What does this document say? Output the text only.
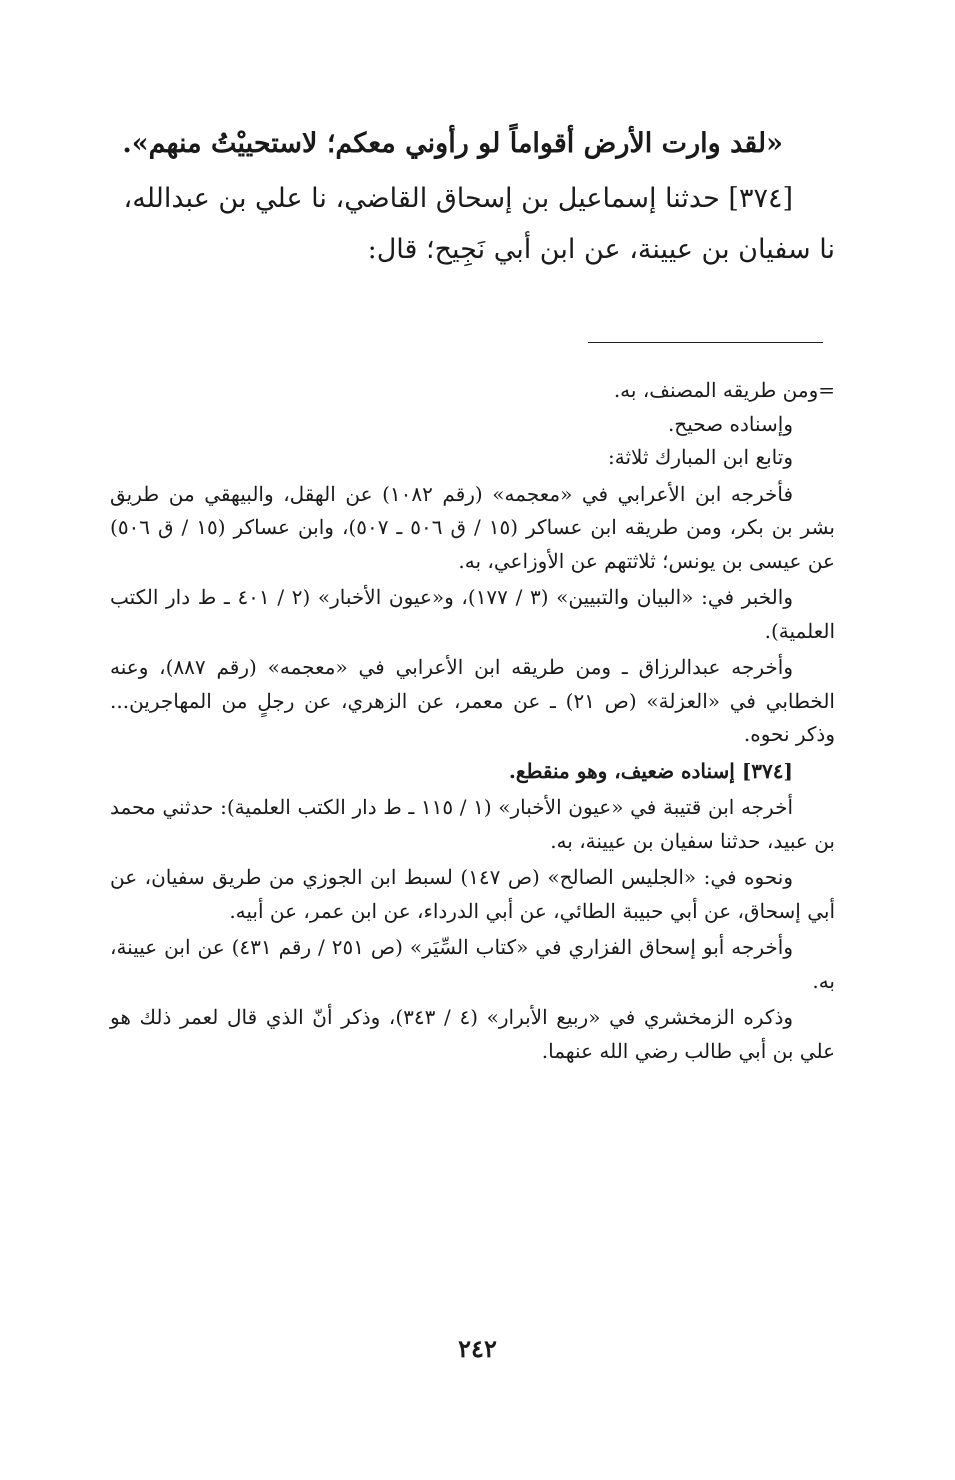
«لقد وارت الأرض أقواماً لو رأوني معكم؛ لاستحييْتُ منهم».
[٣٧٤] حدثنا إسماعيل بن إسحاق القاضي، نا علي بن عبدالله،
نا سفيان بن عيينة، عن ابن أبي نَجِيح؛ قال:

=ومن طريقه المصنف، به.

وإسناده صحيح.

وتابع ابن المبارك ثلاثة:

فأخرجه ابن الأعرابي في «معجمه» (رقم ١٠٨٢) عن الهقل، والبيهقي من طريق بشر بن بكر، ومن طريقه ابن عساكر (١٥ / ق ٥٠٦ ـ ٥٠٧)، وابن عساكر (١٥ / ق ٥٠٦) عن عيسى بن يونس؛ ثلاثتهم عن الأوزاعي، به.

والخبر في: «البيان والتبيين» (٣ / ١٧٧)، و«عيون الأخبار» (٢ / ٤٠١ ـ ط دار الكتب العلمية).

وأخرجه عبدالرزاق ـ ومن طريقه ابن الأعرابي في «معجمه» (رقم ٨٨٧)، وعنه الخطابي في «العزلة» (ص ٢١) ـ عن معمر، عن الزهري، عن رجلٍ من المهاجرين... وذكر نحوه.

[٣٧٤] إسناده ضعيف، وهو منقطع.

أخرجه ابن قتيبة في «عيون الأخبار» (١ / ١١٥ ـ ط دار الكتب العلمية): حدثني محمد بن عبيد، حدثنا سفيان بن عيينة، به.

ونحوه في: «الجليس الصالح» (ص ١٤٧) لسبط ابن الجوزي من طريق سفيان، عن أبي إسحاق، عن أبي حبيبة الطائي، عن أبي الدرداء، عن ابن عمر، عن أبيه.

وأخرجه أبو إسحاق الفزاري في «كتاب السِّيَر» (ص ٢٥١ / رقم ٤٣١) عن ابن عيينة، به.

وذكره الزمخشري في «ربيع الأبرار» (٤ / ٣٤٣)، وذكر أنّ الذي قال لعمر ذلك هو علي بن أبي طالب رضي الله عنهما.

٢٤٢
